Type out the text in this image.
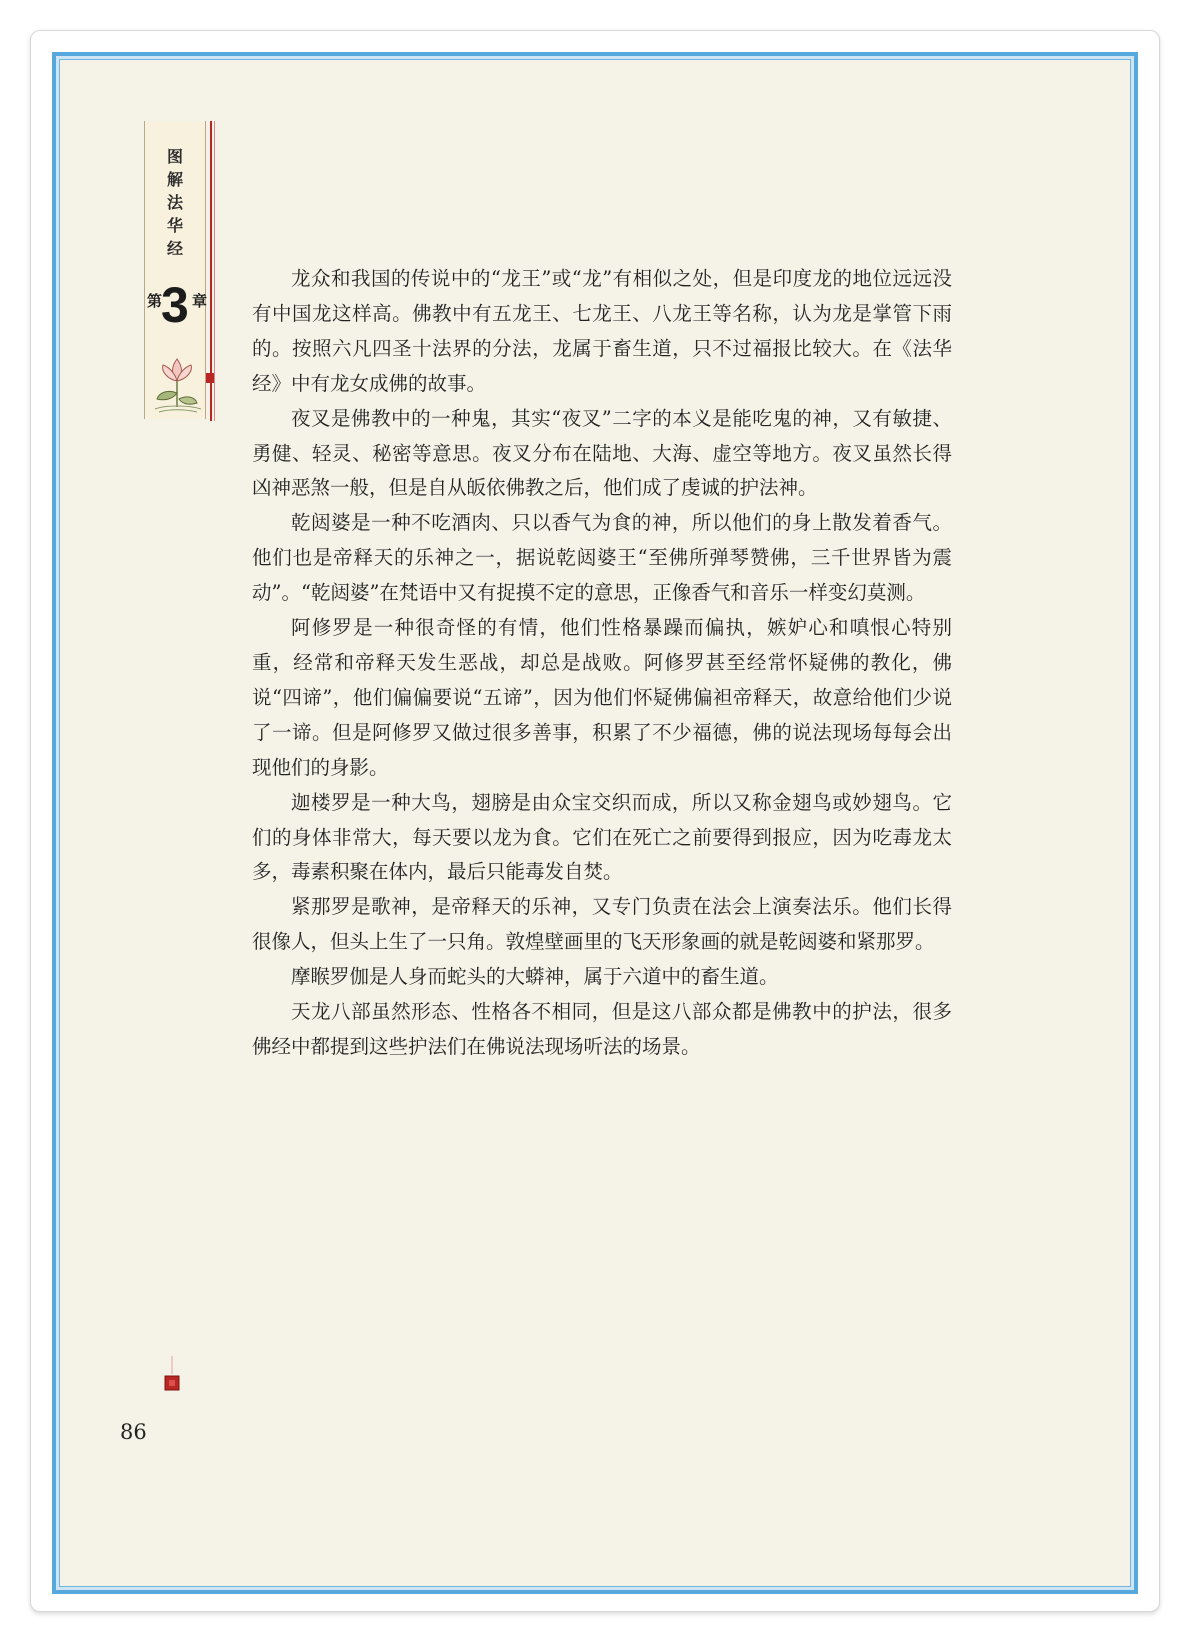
图
解
法
华
经
第
3 章

龙众和我国的传说中的“龙王”或“龙”有相似之处，但是印度龙的地位远远没有中国龙这样高。佛教中有五龙王、七龙王、八龙王等名称，认为龙是掌管下雨的。按照六凡四圣十法界的分法，龙属于畜生道，只不过福报比较大。在《法华经》中有龙女成佛的故事。

夜叉是佛教中的一种鬼，其实“夜叉”二字的本义是能吃鬼的神，又有敏捷、勇健、轻灵、秘密等意思。夜叉分布在陆地、大海、虚空等地方。夜叉虽然长得凶神恶煞一般，但是自从皈依佛教之后，他们成了虔诚的护法神。

乾闼婆是一种不吃酒肉、只以香气为食的神，所以他们的身上散发着香气。他们也是帝释天的乐神之一，据说乾闼婆王“至佛所弹琴赞佛，三千世界皆为震动”。“乾闼婆”在梵语中又有捉摸不定的意思，正像香气和音乐一样变幻莫测。

阿修罗是一种很奇怪的有情，他们性格暴躁而偏执，嫉妒心和嗔恨心特别重，经常和帝释天发生恶战，却总是战败。阿修罗甚至经常怀疑佛的教化，佛说“四谛”，他们偏偏要说“五谛”，因为他们怀疑佛偏袒帝释天，故意给他们少说了一谛。但是阿修罗又做过很多善事，积累了不少福德，佛的说法现场每每会出现他们的身影。

迦楼罗是一种大鸟，翅膀是由众宝交织而成，所以又称金翅鸟或妙翅鸟。它们的身体非常大，每天要以龙为食。它们在死亡之前要得到报应，因为吃毒龙太多，毒素积聚在体内，最后只能毒发自焚。

紧那罗是歌神，是帝释天的乐神，又专门负责在法会上演奏法乐。他们长得很像人，但头上生了一只角。敦煌壁画里的飞天形象画的就是乾闼婆和紧那罗。

摩睺罗伽是人身而蛇头的大蟒神，属于六道中的畜生道。

天龙八部虽然形态、性格各不相同，但是这八部众都是佛教中的护法，很多佛经中都提到这些护法们在佛说法现场听法的场景。

86
